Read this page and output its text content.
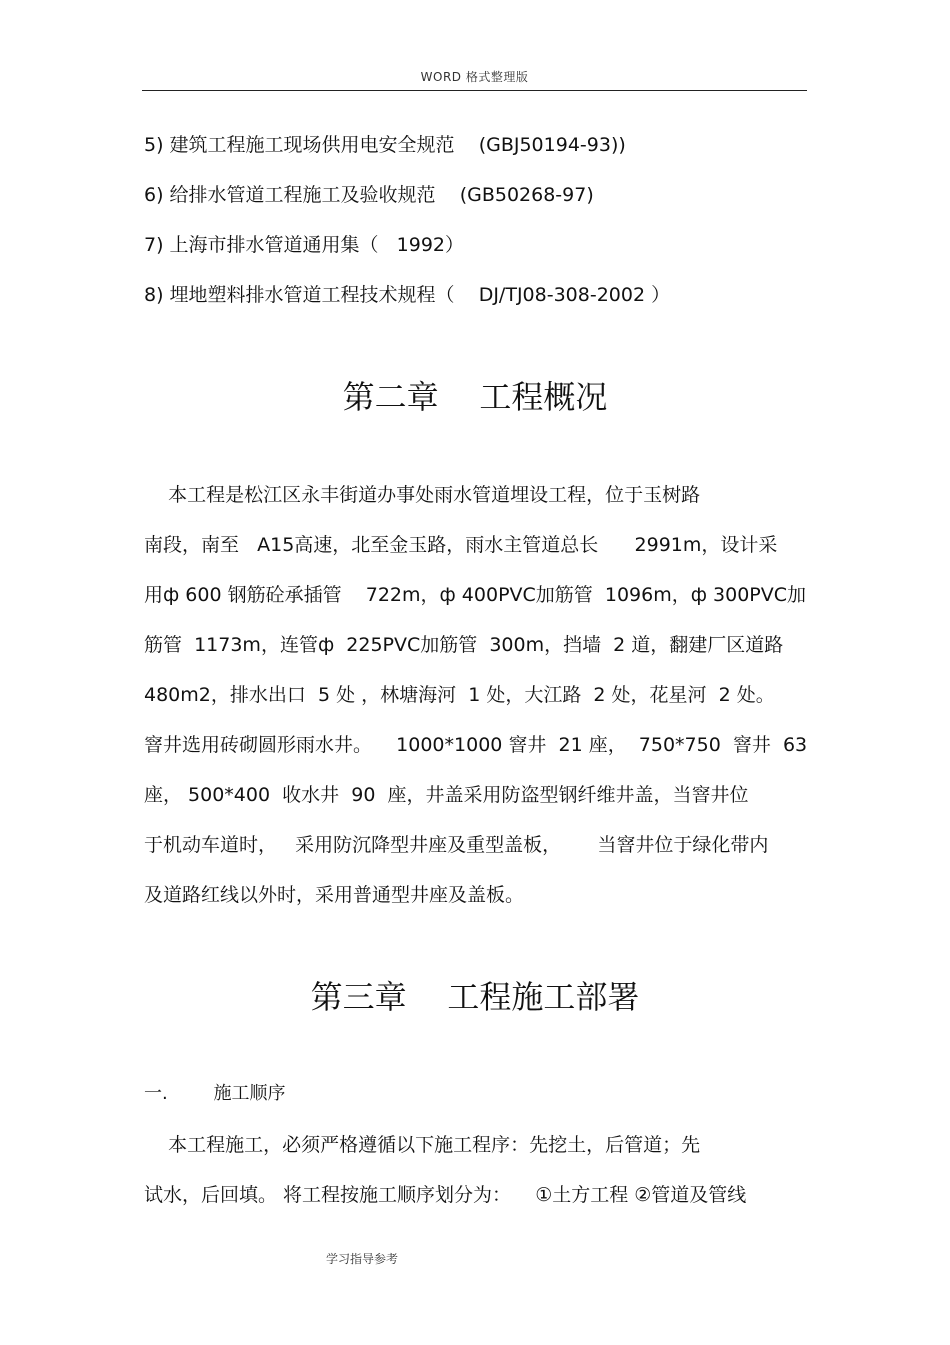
WORD 格式整理版
5) 建筑工程施工现场供用电安全规范    (GBJ50194-93))
6) 给排水管道工程施工及验收规范    (GB50268-97)
7) 上海市排水管道通用集（   1992）
8) 埋地塑料排水管道工程技术规程（    DJ/TJ08-308-2002 ）
第二章    工程概况
本工程是松江区永丰街道办事处雨水管道埋设工程，位于玉树路
南段，南至   A15高速，北至金玉路，雨水主管道总长      2991m，设计采
用ф 600 钢筋砼承插管    722m，ф 400PVC加筋管  1096m，ф 300PVC加
筋管  1173m，连管ф  225PVC加筋管  300m，挡墙  2 道，翻建厂区道路
480m2，排水出口  5 处 ，林塘海河  1 处，大江路  2 处，花星河  2 处。
窨井选用砖砌圆形雨水井。    1000*1000 窨井  21 座，  750*750  窨井  63
座， 500*400  收水井  90  座，井盖采用防盗型钢纤维井盖，当窨井位
于机动车道时，   采用防沉降型井座及重型盖板，      当窨井位于绿化带内
及道路红线以外时，采用普通型井座及盖板。
第三章    工程施工部署
一.        施工顺序
本工程施工，必须严格遵循以下施工程序：先挖土，后管道；先
试水，后回填。 将工程按施工顺序划分为：    ①土方工程 ②管道及管线
学习指导参考
